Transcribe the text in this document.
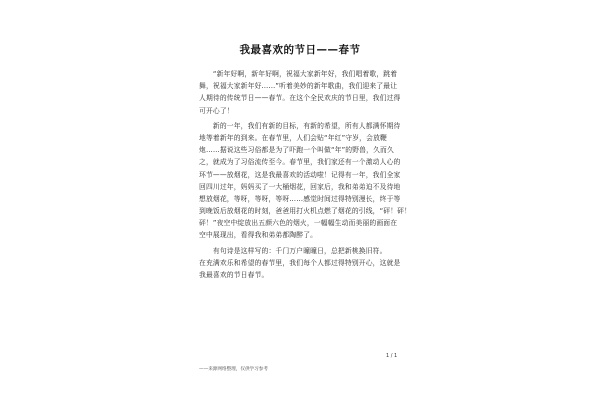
我最喜欢的节日——春节
　　“新年好啊，新年好啊，祝福大家新年好，我们唱着歌，跳着
舞，祝福大家新年好……”听着美妙的新年歌曲，我们迎来了最让
人期待的传统节日——春节。在这个全民欢庆的节日里，我们过得
可开心了！
　　新的一年，我们有新的目标，有新的希望，所有人都满怀期待
地等着新年的到来。在春节里，人们会贴“年红”守岁，会放鞭
炮……据说这些习俗都是为了吓跑一个叫做“年”的野兽，久而久
之，就成为了习俗流传至今。春节里，我们家还有一个激动人心的
环节——放烟花，这是我最喜欢的活动啦！记得有一年，我们全家
回四川过年，妈妈买了一大桶烟花，回家后，我和弟弟迫不及待地
想放烟花，等呀，等呀，等呀……感觉时间过得特别漫长，终于等
到晚饭后放烟花的时刻，爸爸用打火机点燃了烟花的引线，“砰！砰！
砰！”夜空中绽放出五颜六色的烟火，一幅幅生动而美丽的画面在
空中展现出，看得我和弟弟都陶醉了。
　　有句诗是这样写的：千门万户曈曈日，总把新桃换旧符。
在充满欢乐和希望的春节里，我们每个人都过得特别开心，这就是
我最喜欢的节日春节。
1 / 1
——来源网络整理，仅供学习参考
